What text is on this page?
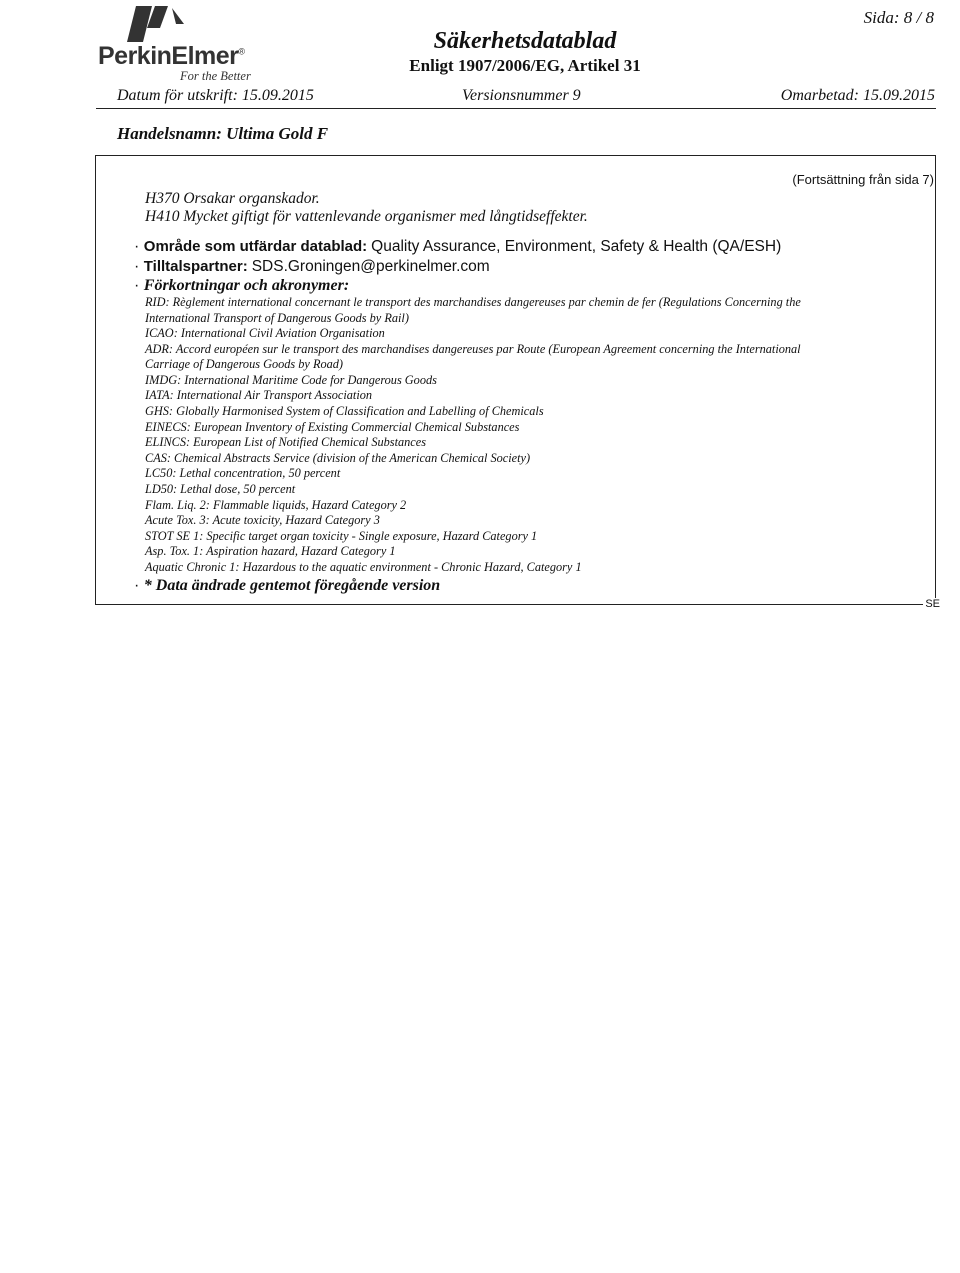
PerkinElmer®
For the Better
Sida: 8 / 8
Säkerhetsdatablad
Enligt 1907/2006/EG, Artikel 31
Datum för utskrift: 15.09.2015	Versionsnummer 9	Omarbetad: 15.09.2015
Handelsnamn: Ultima Gold F
(Fortsättning från sida 7)
H370 Orsakar organskador.
H410 Mycket giftigt för vattenlevande organismer med långtidseffekter.
· Område som utfärdar datablad: Quality Assurance, Environment, Safety & Health (QA/ESH)
· Tilltalspartner: SDS.Groningen@perkinelmer.com
· Förkortningar och akronymer:
RID: Règlement international concernant le transport des marchandises dangereuses par chemin de fer (Regulations Concerning the
International Transport of Dangerous Goods by Rail)
ICAO: International Civil Aviation Organisation
ADR: Accord européen sur le transport des marchandises dangereuses par Route (European Agreement concerning the International
Carriage of Dangerous Goods by Road)
IMDG: International Maritime Code for Dangerous Goods
IATA: International Air Transport Association
GHS: Globally Harmonised System of Classification and Labelling of Chemicals
EINECS: European Inventory of Existing Commercial Chemical Substances
ELINCS: European List of Notified Chemical Substances
CAS: Chemical Abstracts Service (division of the American Chemical Society)
LC50: Lethal concentration, 50 percent
LD50: Lethal dose, 50 percent
Flam. Liq. 2: Flammable liquids, Hazard Category 2
Acute Tox. 3: Acute toxicity, Hazard Category 3
STOT SE 1: Specific target organ toxicity - Single exposure, Hazard Category 1
Asp. Tox. 1: Aspiration hazard, Hazard Category 1
Aquatic Chronic 1: Hazardous to the aquatic environment - Chronic Hazard, Category 1
· * Data ändrade gentemot föregående version
SE
